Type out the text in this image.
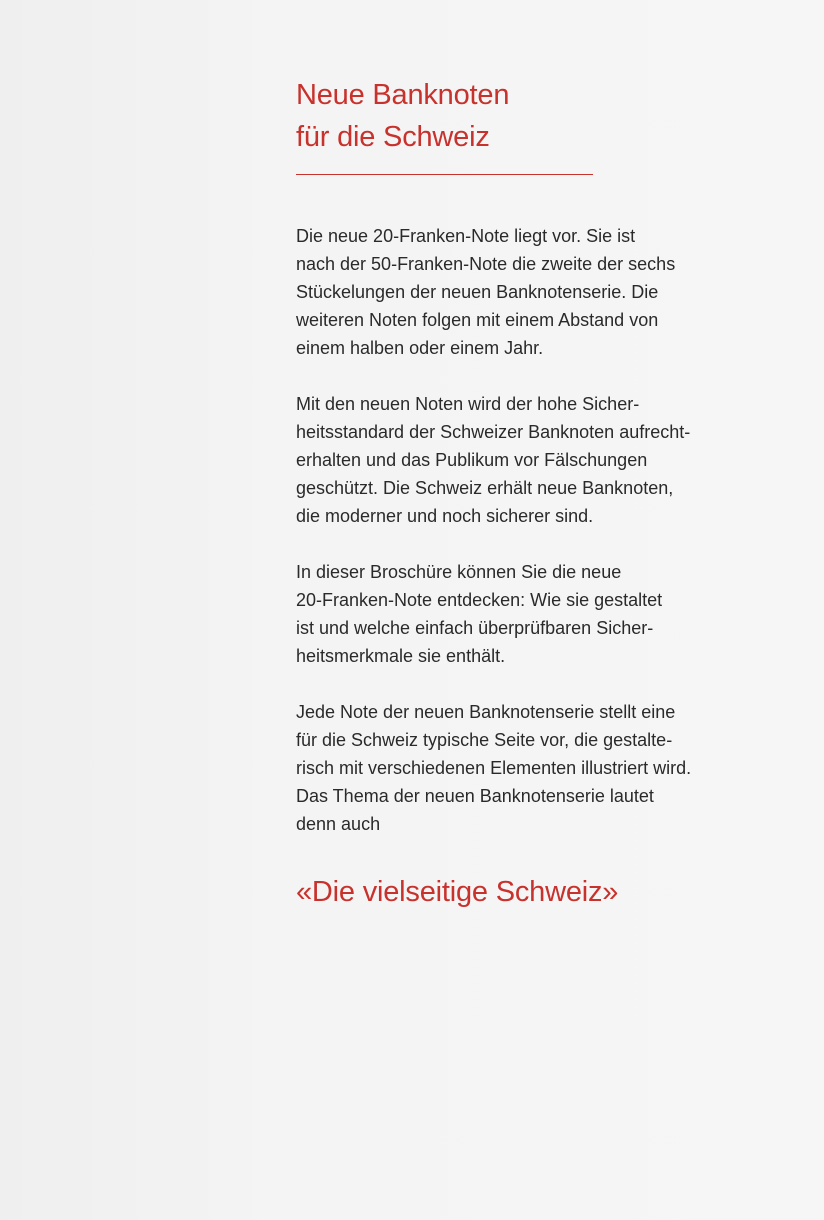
Neue Banknoten
für die Schweiz

Die neue 20-Franken-Note liegt vor. Sie ist
nach der 50-Franken-Note die zweite der sechs
Stückelungen der neuen Banknotenserie. Die
weiteren Noten folgen mit einem Abstand von
einem halben oder einem Jahr.

Mit den neuen Noten wird der hohe Sicher-
heitsstandard der Schweizer Banknoten aufrecht-
erhalten und das Publikum vor Fälschungen
geschützt. Die Schweiz erhält neue Banknoten,
die moderner und noch sicherer sind.

In dieser Broschüre können Sie die neue
20-Franken-Note entdecken: Wie sie gestaltet
ist und welche einfach überprüfbaren Sicher-
heitsmerkmale sie enthält.

Jede Note der neuen Banknotenserie stellt eine
für die Schweiz typische Seite vor, die gestalte-
risch mit verschiedenen Elementen illustriert wird.
Das Thema der neuen Banknotenserie lautet
denn auch

«Die vielseitige Schweiz»
